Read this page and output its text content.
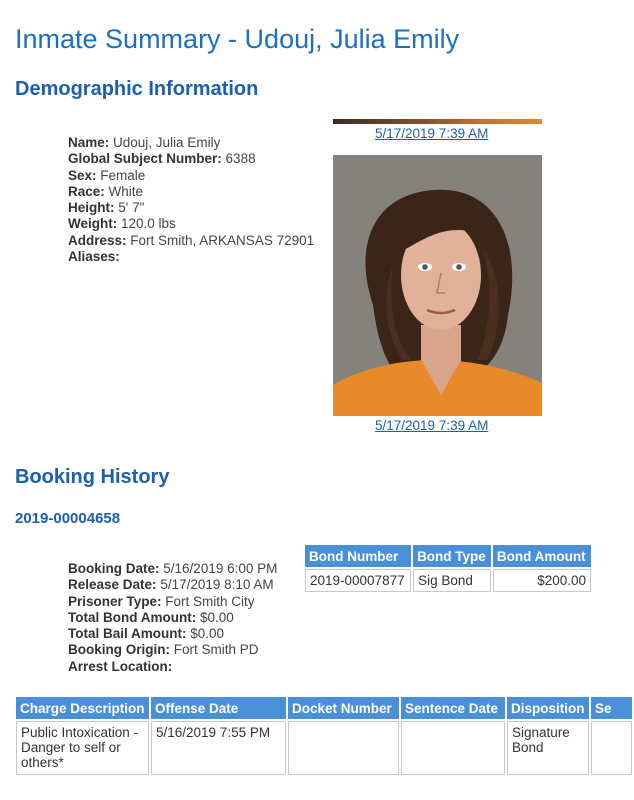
Inmate Summary - Udouj, Julia Emily
Demographic Information
Name: Udouj, Julia Emily
Global Subject Number: 6388
Sex: Female
Race: White
Height: 5' 7"
Weight: 120.0 lbs
Address: Fort Smith, ARKANSAS 72901
Aliases:
5/17/2019 7:39 AM
5/17/2019 7:39 AM
Booking History
2019-00004658
Booking Date: 5/16/2019 6:00 PM
Release Date: 5/17/2019 8:10 AM
Prisoner Type: Fort Smith City
Total Bond Amount: $0.00
Total Bail Amount: $0.00
Booking Origin: Fort Smith PD
Arrest Location:
Bond Number	Bond Type	Bond Amount
2019-00007877	Sig Bond	$200.00
Charge Description	Offense Date	Docket Number	Sentence Date	Disposition	Se
Public Intoxication - Danger to self or others*	5/16/2019 7:55 PM			Signature Bond	
